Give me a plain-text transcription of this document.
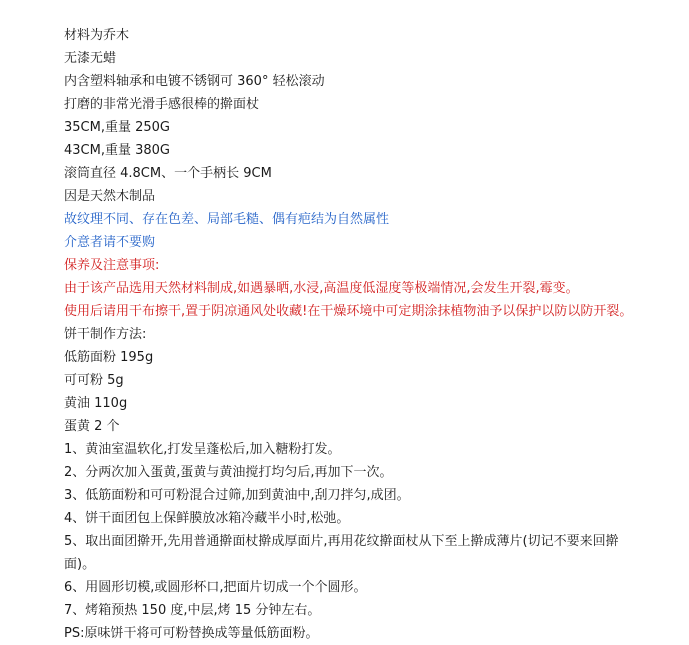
材料为乔木
无漆无蜡
内含塑料轴承和电镀不锈钢可 360° 轻松滚动
打磨的非常光滑手感很棒的擀面杖
35CM,重量 250G
43CM,重量 380G
滚筒直径 4.8CM、一个手柄长 9CM
因是天然木制品
故纹理不同、存在色差、局部毛糙、偶有疤结为自然属性
介意者请不要购
保养及注意事项:
由于该产品选用天然材料制成,如遇暴晒,水浸,高温度低湿度等极端情况,会发生开裂,霉变。
使用后请用干布擦干,置于阴凉通风处收藏!在干燥环境中可定期涂抹植物油予以保护以防以防开裂。
饼干制作方法:
低筋面粉 195g
可可粉 5g
黄油 110g
蛋黄 2 个
1、黄油室温软化,打发呈蓬松后,加入糖粉打发。
2、分两次加入蛋黄,蛋黄与黄油搅打均匀后,再加下一次。
3、低筋面粉和可可粉混合过筛,加到黄油中,刮刀拌匀,成团。
4、饼干面团包上保鲜膜放冰箱冷藏半小时,松弛。
5、取出面团擀开,先用普通擀面杖擀成厚面片,再用花纹擀面杖从下至上擀成薄片(切记不要来回擀面)。
6、用圆形切模,或圆形杯口,把面片切成一个个圆形。
7、烤箱预热 150 度,中层,烤 15 分钟左右。
PS:原味饼干将可可粉替换成等量低筋面粉。
